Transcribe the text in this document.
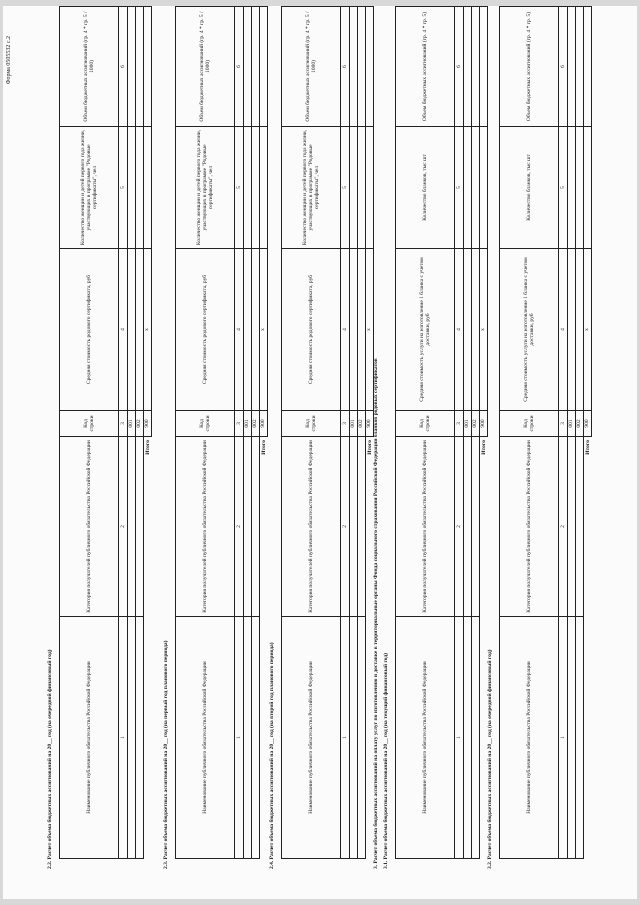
Форма 0505532 с.2
2.2. Расчет объема бюджетных ассигнований на 20__ год (на очередной финансовый год)	Наименование публичного обязательства Российской Федерации	Категория получателей публичного обязательства Российской Федерации	Код строки	Средняя стоимость родового сертификата, руб	Количество женщин и детей первого года жизни, участвующих в программе "Родовые сертификаты", чел	Объем бюджетных ассигнований (гр. 4 * гр. 5 / 1000)
1	2	3	4	5	6
		001			
		002			
Итого		900	x		
2.3. Расчет объема бюджетных ассигнований на 20__ год (на первый год планового периода)	Наименование публичного обязательства Российской Федерации	Категория получателей публичного обязательства Российской Федерации	Код строки	Средняя стоимость родового сертификата, руб	Количество женщин и детей первого года жизни, участвующих в программе "Родовые сертификаты", чел	Объем бюджетных ассигнований (гр. 4 * гр. 5 / 1000)
1	2	3	4	5	6
		001			
		002			
Итого		900	x		
2.4. Расчет объема бюджетных ассигнований на 20__ год (на второй год планового периода)	Наименование публичного обязательства Российской Федерации	Категория получателей публичного обязательства Российской Федерации	Код строки	Средняя стоимость родового сертификата, руб	Количество женщин и детей первого года жизни, участвующих в программе "Родовые сертификаты", чел	Объем бюджетных ассигнований (гр. 4 * гр. 5 / 1000)
1	2	3	4	5	6
		001			
		002			
Итого		900	x		
3. Расчет объема бюджетных ассигнований на оплату услуг по изготовлению и доставке в территориальные органы Фонда социального страхования Российской Федерации бланков родовых сертификатов 3.1. Расчет объема бюджетных ассигнований на 20__ год (на текущий финансовый год)	Наименование публичного обязательства Российской Федерации	Категория получателей публичного обязательства Российской Федерации	Код строки	Средняя стоимость услуги на изготовление 1 бланка с учетом доставки, руб	Количество бланков, тыс шт	Объем бюджетных ассигнований (гр. 4 * гр. 5)
1	2	3	4	5	6
		001			
		002			
Итого		900	x		
3.2. Расчет объема бюджетных ассигнований на 20__ год (на очередной финансовый год)	Наименование публичного обязательства Российской Федерации	Категория получателей публичного обязательства Российской Федерации	Код строки	Средняя стоимость услуги на изготовление 1 бланка с учетом доставки, руб	Количество бланков, тыс шт	Объем бюджетных ассигнований (гр. 4 * гр. 5)
1	2	3	4	5	6
		001			
		002			
Итого		900	x		
